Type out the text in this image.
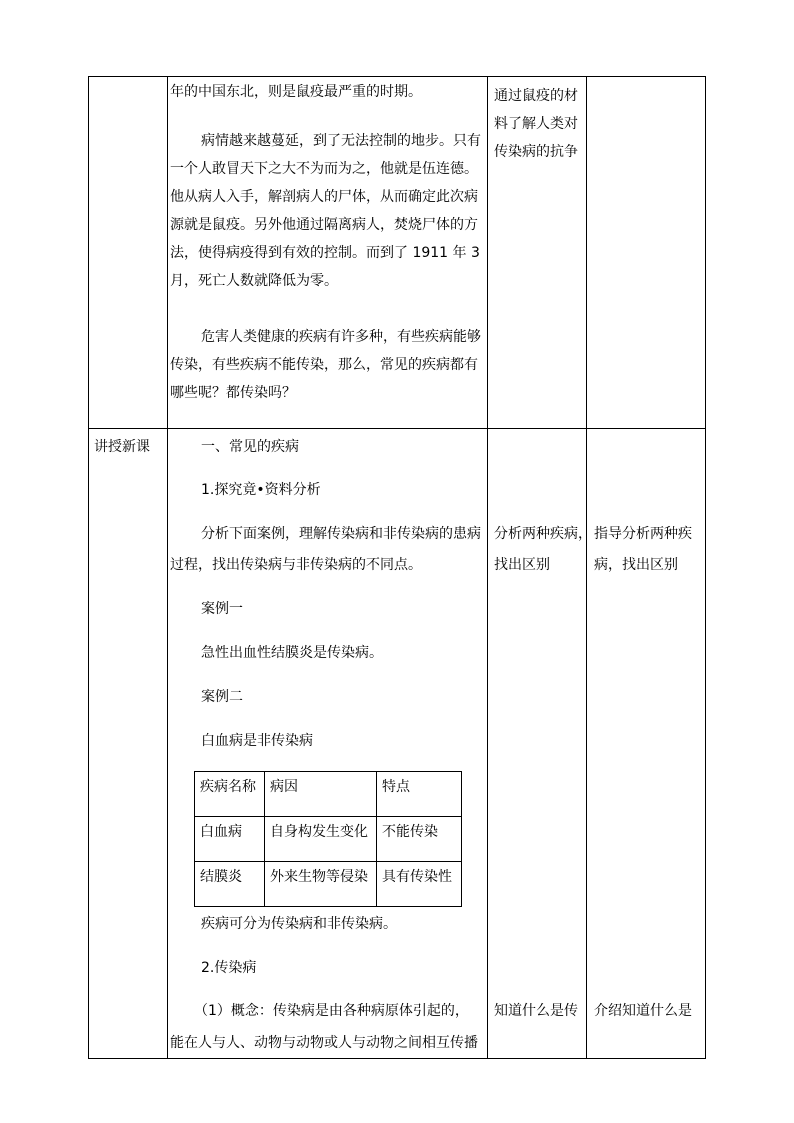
年的中国东北，则是鼠疫最严重的时期。

病情越来越蔓延，到了无法控制的地步。只有

一个人敢冒天下之大不为而为之，他就是伍连德。

他从病人入手，解剖病人的尸体，从而确定此次病

源就是鼠疫。另外他通过隔离病人，焚烧尸体的方

法，使得病疫得到有效的控制。而到了 1911 年 3

月，死亡人数就降低为零。

危害人类健康的疾病有许多种，有些疾病能够

传染，有些疾病不能传染，那么，常见的疾病都有

哪些呢？都传染吗？

通过鼠疫的材

料了解人类对

传染病的抗争

讲授新课	一、常见的疾病

1.探究竟•资料分析

分析下面案例，理解传染病和非传染病的患病

过程，找出传染病与非传染病的不同点。

案例一

急性出血性结膜炎是传染病。

案例二

白血病是非传染病

疾病名称 病因	特点
白血病 自身构发生变化 不能传染
结膜炎 外来生物等侵染 具有传染性

疾病可分为传染病和非传染病。

2.传染病

（1）概念：传染病是由各种病原体引起的，

能在人与人、动物与动物或人与动物之间相互传播

分析两种疾病，

找出区别

指导分析两种疾

病，找出区别

知道什么是传 介绍知道什么是
